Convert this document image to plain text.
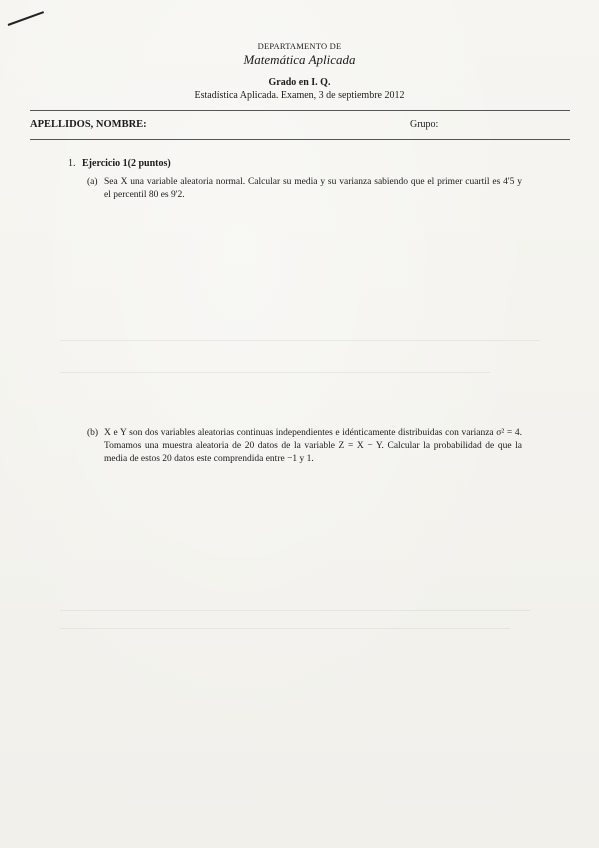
DEPARTAMENTO DE
Matemática Aplicada
Grado en I. Q.
Estadística Aplicada. Examen, 3 de septiembre 2012
APELLIDOS, NOMBRE:	Grupo:
1. Ejercicio 1(2 puntos)
(a) Sea X una variable aleatoria normal. Calcular su media y su varianza sabiendo que el primer cuartil es 4'5 y el percentil 80 es 9'2.
(b) X e Y son dos variables aleatorias continuas independientes e idénticamente distribuidas con varianza σ² = 4. Tomamos una muestra aleatoria de 20 datos de la variable Z = X − Y. Calcular la probabilidad de que la media de estos 20 datos este comprendida entre −1 y 1.
